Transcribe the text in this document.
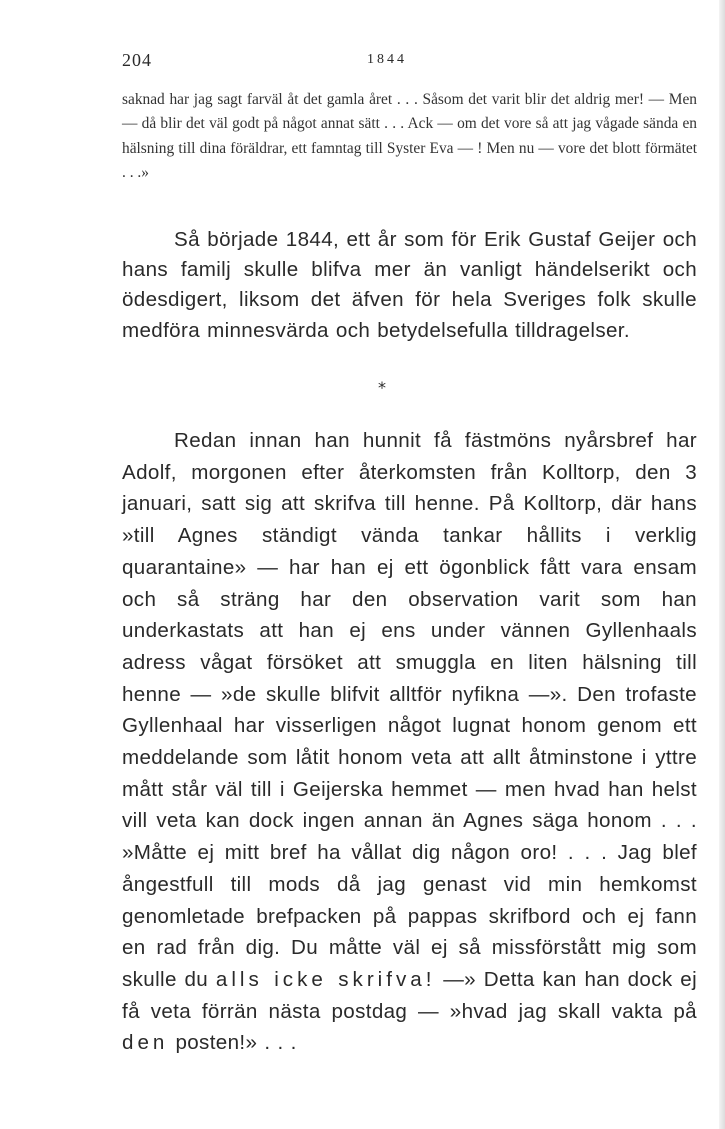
204	1844
saknad har jag sagt farväl åt det gamla året . . . Såsom det varit blir det aldrig mer! — Men — då blir det väl godt på något annat sätt . . . Ack — om det vore så att jag vågade sända en hälsning till dina föräldrar, ett famntag till Syster Eva — ! Men nu — vore det blott förmätet . . .»
Så började 1844, ett år som för Erik Gustaf Geijer och hans familj skulle blifva mer än vanligt händelserikt och ödesdigert, liksom det äfven för hela Sveriges folk skulle medföra minnesvärda och betydelsefulla tilldragelser.
*
Redan innan han hunnit få fästmöns nyårsbref har Adolf, morgonen efter återkomsten från Kolltorp, den 3 januari, satt sig att skrifva till henne. På Kolltorp, där hans »till Agnes ständigt vända tankar hållits i verklig quarantaine» — har han ej ett ögonblick fått vara ensam och så sträng har den observation varit som han underkastats att han ej ens under vännen Gyllenhaals adress vågat försöket att smuggla en liten hälsning till henne — »de skulle blifvit alltför nyfikna —». Den trofaste Gyllenhaal har visserligen något lugnat honom genom ett meddelande som låtit honom veta att allt åtminstone i yttre mått står väl till i Geijerska hemmet — men hvad han helst vill veta kan dock ingen annan än Agnes säga honom . . . »Måtte ej mitt bref ha vållat dig någon oro! . . . Jag blef ångestfull till mods då jag genast vid min hemkomst genomletade brefpacken på pappas skrifbord och ej fann en rad från dig. Du måtte väl ej så missförstått mig som skulle du alls icke skrifva! —» Detta kan han dock ej få veta förrän nästa postdag — »hvad jag skall vakta på den posten!» . . .
